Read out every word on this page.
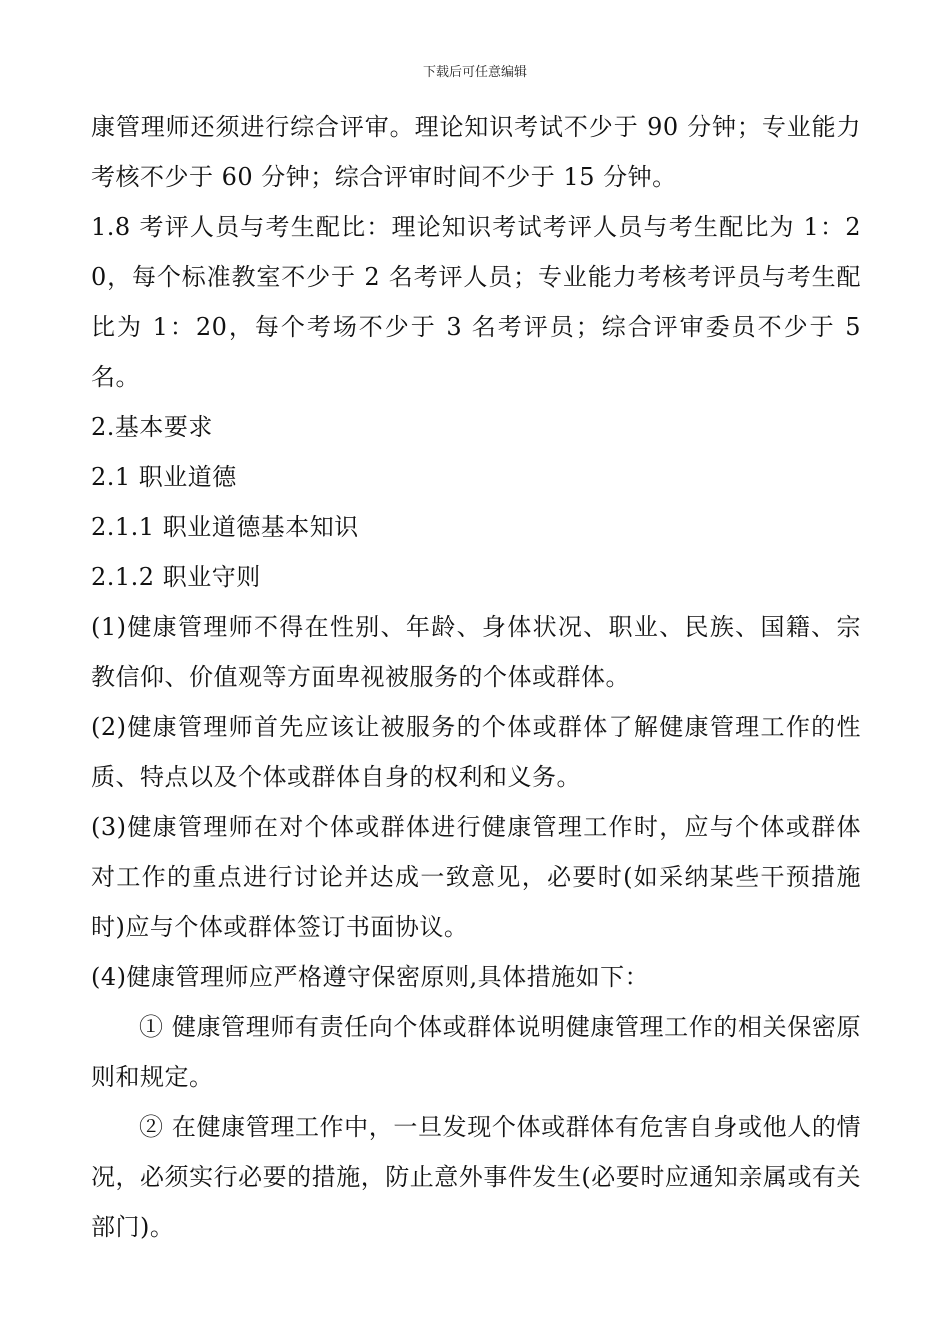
下载后可任意编辑

康管理师还须进行综合评审。理论知识考试不少于 90 分钟；专业能力考核不少于 60 分钟；综合评审时间不少于 15 分钟。

1.8 考评人员与考生配比：理论知识考试考评人员与考生配比为 1：20，每个标准教室不少于 2 名考评人员；专业能力考核考评员与考生配比为 1：20，每个考场不少于 3 名考评员；综合评审委员不少于 5 名。

2.基本要求

2.1 职业道德

2.1.1 职业道德基本知识

2.1.2 职业守则

(1)健康管理师不得在性别、年龄、身体状况、职业、民族、国籍、宗教信仰、价值观等方面卑视被服务的个体或群体。

(2)健康管理师首先应该让被服务的个体或群体了解健康管理工作的性质、特点以及个体或群体自身的权利和义务。

(3)健康管理师在对个体或群体进行健康管理工作时，应与个体或群体对工作的重点进行讨论并达成一致意见，必要时(如采纳某些干预措施时)应与个体或群体签订书面协议。

(4)健康管理师应严格遵守保密原则,具体措施如下：

① 健康管理师有责任向个体或群体说明健康管理工作的相关保密原则和规定。

② 在健康管理工作中，一旦发现个体或群体有危害自身或他人的情况，必须实行必要的措施，防止意外事件发生(必要时应通知亲属或有关部门)。
